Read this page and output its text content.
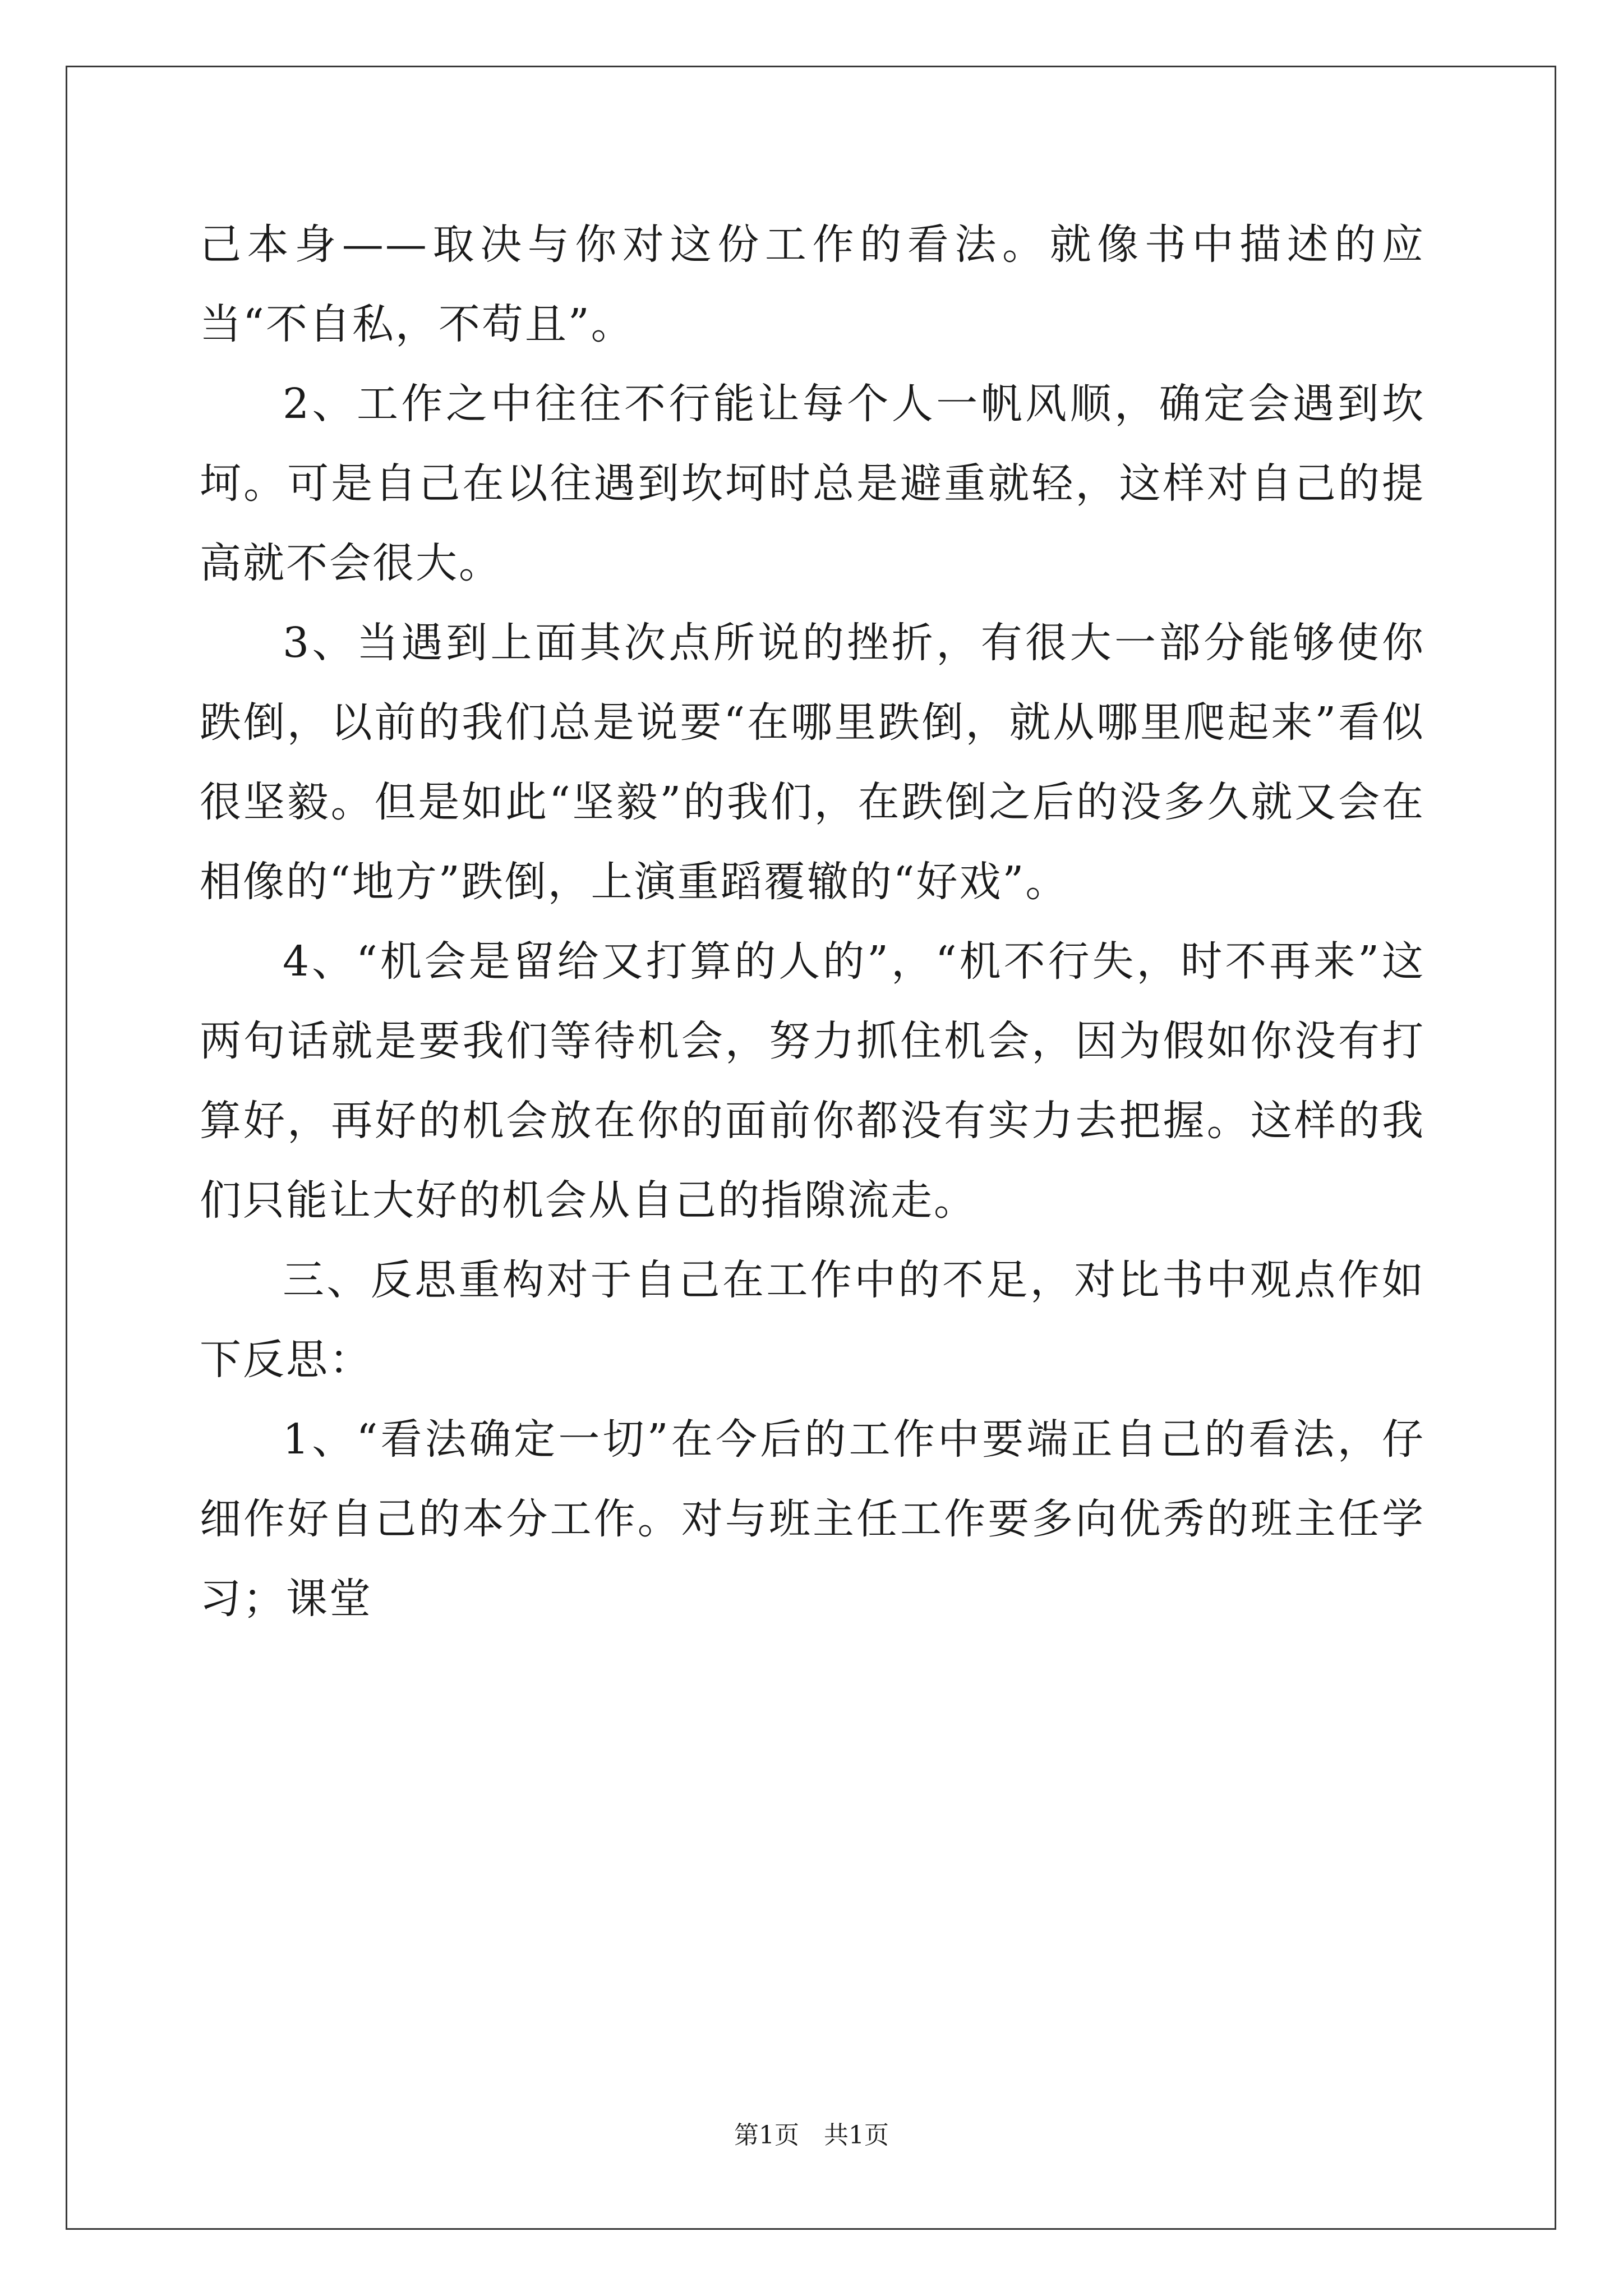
己本身——取决与你对这份工作的看法。就像书中描述的应当“不自私，不苟且”。

2、工作之中往往不行能让每个人一帆风顺，确定会遇到坎坷。可是自己在以往遇到坎坷时总是避重就轻，这样对自己的提高就不会很大。

3、当遇到上面其次点所说的挫折，有很大一部分能够使你跌倒，以前的我们总是说要“在哪里跌倒，就从哪里爬起来”看似很坚毅。但是如此“坚毅”的我们，在跌倒之后的没多久就又会在相像的“地方”跌倒，上演重蹈覆辙的“好戏”。

4、“机会是留给又打算的人的”，“机不行失，时不再来”这两句话就是要我们等待机会，努力抓住机会，因为假如你没有打算好，再好的机会放在你的面前你都没有实力去把握。这样的我们只能让大好的机会从自己的指隙流走。

三、反思重构对于自己在工作中的不足，对比书中观点作如下反思：

1、“看法确定一切”在今后的工作中要端正自己的看法，仔细作好自己的本分工作。对与班主任工作要多向优秀的班主任学习；课堂

第1页　共1页
